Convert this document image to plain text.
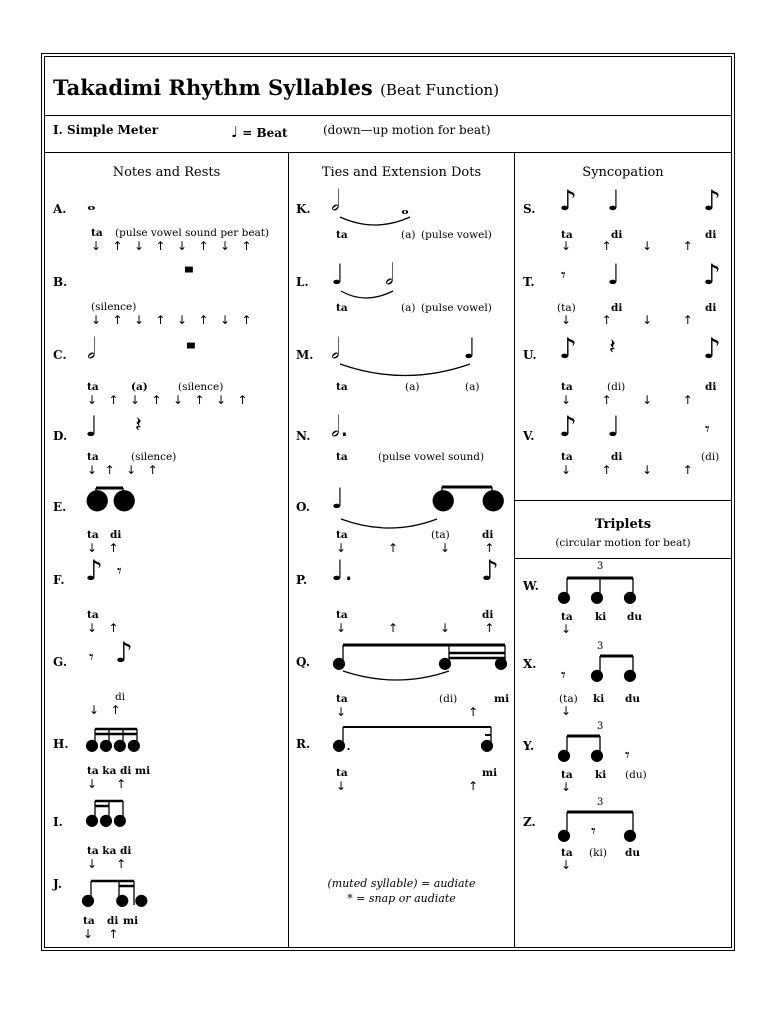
Takadimi Rhythm Syllables (Beat Function)
I. Simple Meter	♩ = Beat	(down—up motion for beat)
Notes and Rests	Ties and Extension Dots	Syncopation
Triplets
(circular motion for beat)
A. 𝅝
ta (pulse vowel sound per beat)
↓   ↑   ↓   ↑   ↓   ↑   ↓   ↑
B.
▄
(silence)
↓   ↑   ↓   ↑   ↓   ↑   ↓   ↑
C. 𝅗𝅥	▄
ta	(a)	(silence)
↓   ↑   ↓   ↑   ↓   ↑   ↓   ↑
D. ♩ 𝄽
ta	(silence)
↓  ↑   ↓   ↑
E. ● ●
ta di
↓   ↑
F. ♪ 𝄾
ta
↓   ↑
G. 𝄾 ♪
di
↓   ↑
H. ●●●●
ta ka di mi
↓     ↑
I. ●●●
ta ka di
↓     ↑
J.
●    ● ●
ta di mi
↓    ↑
K. 𝅗𝅥	𝅝
ta	(a) (pulse vowel)
L. ♩ 𝅗𝅥
ta	(a) (pulse vowel)
M. 𝅗𝅥	♩
ta	(a)	(a)
N. 𝅗𝅥.
ta	(pulse vowel sound)
O. ♩	● ●
ta	(ta)	di
↓           ↑           ↓         ↑
P. ♩.	♪
ta	di
↓           ↑           ↓         ↑
Q. ●	●	●
ta	(di)	mi
↓                                ↑
R. ●.	●
ta	mi
↓                                ↑
(muted syllable) = audiate
* = snap or audiate
S. ♪ ♩	♪
ta	di	di
↓        ↑        ↓        ↑
T. 𝄾 ♩	♪
(ta)	di	di
↓        ↑        ↓        ↑
U. ♪ 𝄽	♪
ta	(di)	di
↓        ↑        ↓        ↑
V. ♪ ♩	𝄾
ta	di	(di)
↓        ↑        ↓        ↑
W.
3
● ● ●
ta ki du
↓
X.
3
𝄾 ● ●
(ta) ki du
↓
Y.
3
● ● 𝄾
ta ki (du)
↓
Z.
3
● 𝄾 ●
ta (ki) du
↓
